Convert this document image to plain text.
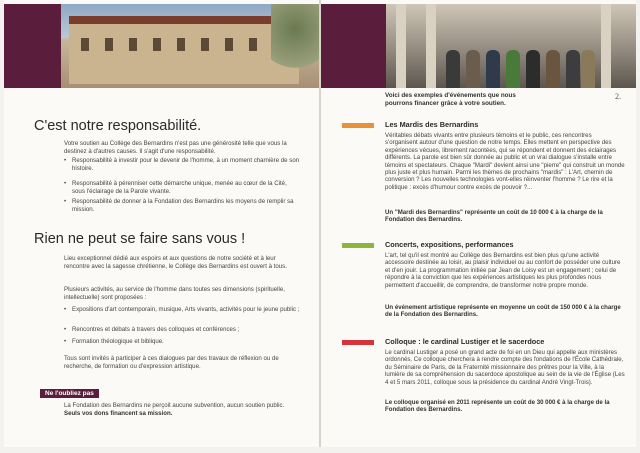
C'est notre responsabilité.
Votre soutien au Collège des Bernardins n'est pas une générosité telle que vous la destinez à d'autres causes. Il s'agit d'une responsabilité.
• Responsabilité à investir pour le devenir de l'homme, à un moment charnière de son histoire.
• Responsabilité à pérenniser cette démarche unique, menée au cœur de la Cité, sous l'éclairage de la Parole vivante.
• Responsabilité de donner à la Fondation des Bernardins les moyens de remplir sa mission.
Rien ne peut se faire sans vous !
Lieu exceptionnel dédié aux espoirs et aux questions de notre société et à leur rencontre avec la sagesse chrétienne, le Collège des Bernardins est ouvert à tous.
Plusieurs activités, au service de l'homme dans toutes ses dimensions (spirituelle, intellectuelle) sont proposées :
• Expositions d'art contemporain, musique, Arts vivants, activités pour le jeune public ;
• Rencontres et débats à travers des colloques et conférences ;
• Formation théologique et biblique.
Tous sont invités à participer à ces dialogues par des travaux de réflexion ou de recherche, de formation ou d'expression artistique.
Ne l'oubliez pas
La Fondation des Bernardins ne perçoit aucune subvention, aucun soutien public. Seuls vos dons financent sa mission.
Voici des exemples d'événements que nous pourrons financer grâce à votre soutien.
2.
Les Mardis des Bernardins
Véritables débats vivants entre plusieurs témoins et le public, ces rencontres s'organisent autour d'une question de notre temps. Elles mettent en perspective des expériences vécues, librement racontées, qui se répondent et donnent des éclairages différents. La parole est bien sûr donnée au public et un vrai dialogue s'installe entre témoins et spectateurs. Chaque "Mardi" devient ainsi une "pierre" qui construit un monde plus juste et plus humain. Parmi les thèmes de prochains "mardis" : L'Art, chemin de conversion ? Les nouvelles technologies vont-elles réinventer l'homme ? Le rire et la politique : excès d'humour contre excès de pouvoir ?...
Un "Mardi des Bernardins" représente un coût de 10 000 € à la charge de la Fondation des Bernardins.
Concerts, expositions, performances
L'art, tel qu'il est montré au Collège des Bernardins est bien plus qu'une activité accessoire destinée au loisir, au plaisir individuel ou au confort de posséder une culture et d'en jouir. La programmation initiée par Jean de Loisy est un engagement ; celui de répondre à la conviction que les expériences artistiques les plus profondes nous permettent d'accueillir, de comprendre, de transformer notre propre monde.
Un événement artistique représente en moyenne un coût de 150 000 € à la charge de la Fondation des Bernardins.
Colloque : le cardinal Lustiger et le sacerdoce
Le cardinal Lustiger a posé un grand acte de foi en un Dieu qui appelle aux ministères ordonnés. Ce colloque cherchera à rendre compte des fondations de l'École Cathédrale, du Séminaire de Paris, de la Fraternité missionnaire des prêtres pour la Ville, à la lumière de sa compréhension du sacerdoce apostolique au sein de la vie de l'Église (Les 4 et 5 mars 2011, colloque sous la présidence du cardinal André Vingt-Trois).
Le colloque organisé en 2011 représente un coût de 30 000 € à la charge de la Fondation des Bernardins.
